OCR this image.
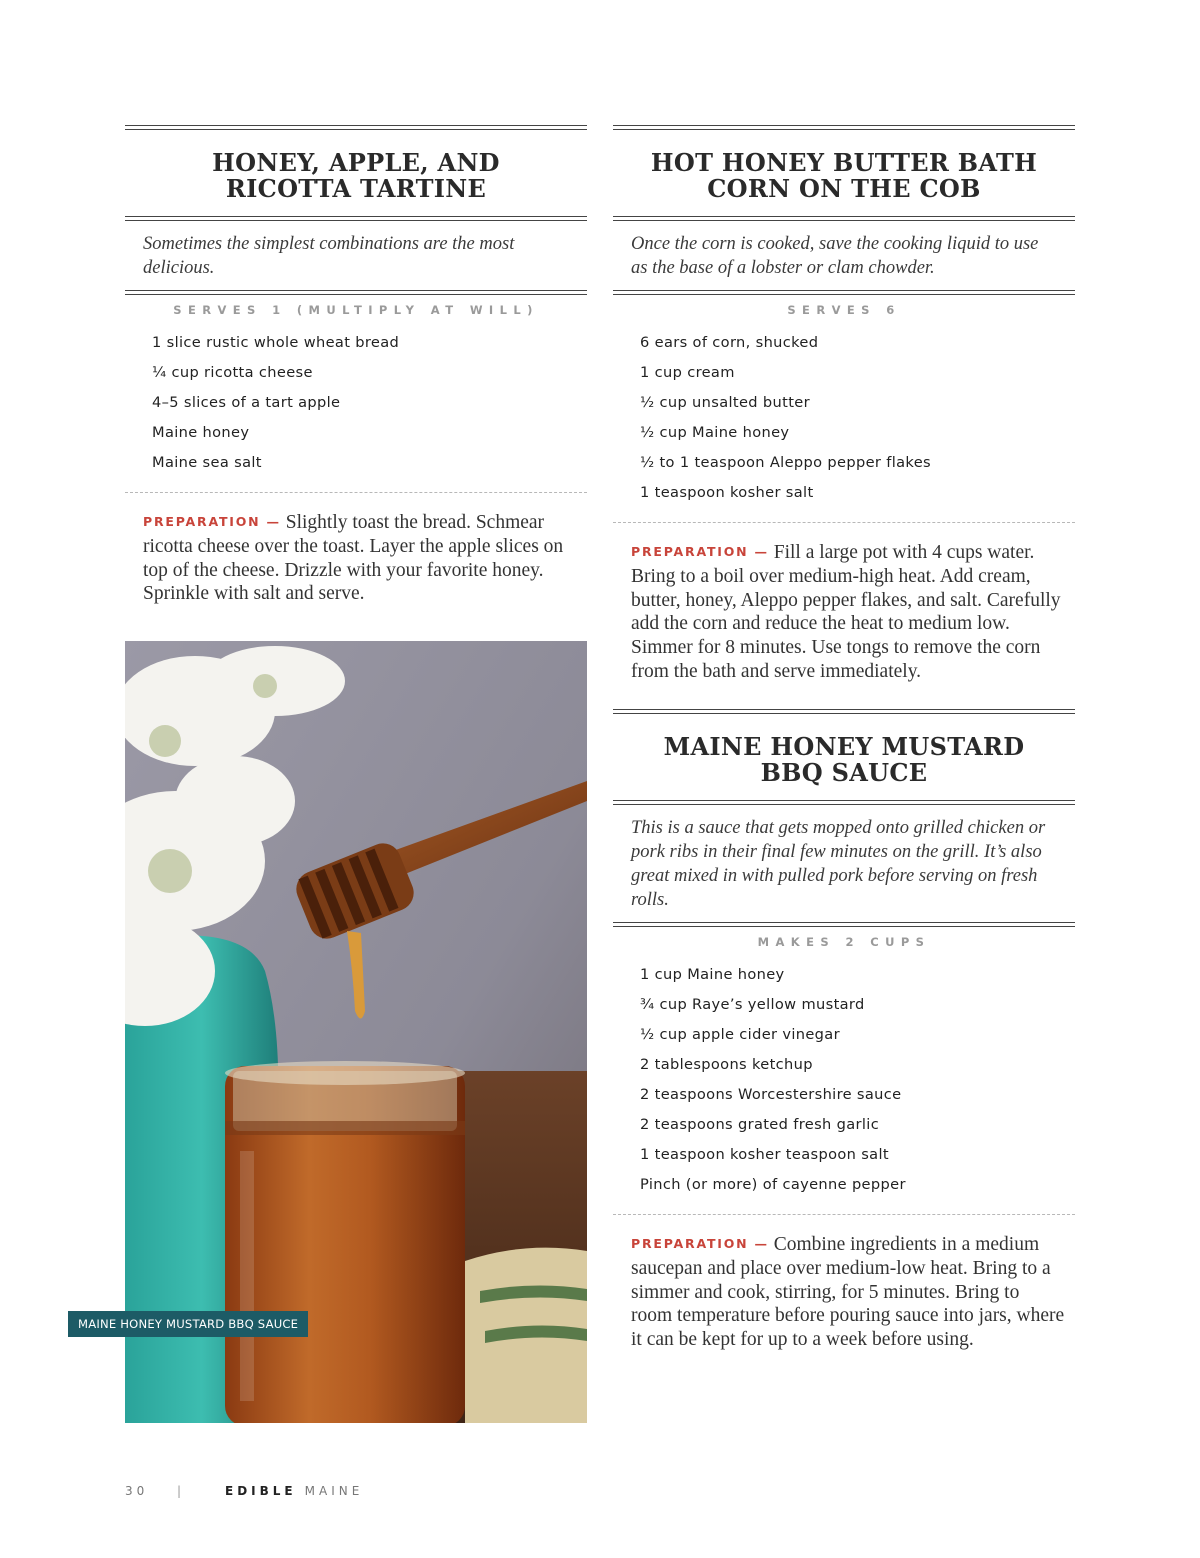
HONEY, APPLE, AND
RICOTTA TARTINE

Sometimes the simplest combinations are the most delicious.

SERVES 1 (MULTIPLY AT WILL)
1 slice rustic whole wheat bread
¼ cup ricotta cheese
4–5 slices of a tart apple
Maine honey
Maine sea salt

PREPARATION — Slightly toast the bread. Schmear ricotta cheese over the toast. Layer the apple slices on top of the cheese. Drizzle with your favorite honey. Sprinkle with salt and serve.

MAINE HONEY MUSTARD BBQ SAUCE
HOT HONEY BUTTER BATH
CORN ON THE COB

Once the corn is cooked, save the cooking liquid to use as the base of a lobster or clam chowder.

SERVES 6
6 ears of corn, shucked
1 cup cream
½ cup unsalted butter
½ cup Maine honey
½ to 1 teaspoon Aleppo pepper flakes
1 teaspoon kosher salt

PREPARATION — Fill a large pot with 4 cups water. Bring to a boil over medium-high heat. Add cream, butter, honey, Aleppo pepper flakes, and salt. Carefully add the corn and reduce the heat to medium low. Simmer for 8 minutes. Use tongs to remove the corn from the bath and serve immediately.

MAINE HONEY MUSTARD
BBQ SAUCE

This is a sauce that gets mopped onto grilled chicken or pork ribs in their final few minutes on the grill. It’s also great mixed in with pulled pork before serving on fresh rolls.

MAKES 2 CUPS
1 cup Maine honey
¾ cup Raye’s yellow mustard
½ cup apple cider vinegar
2 tablespoons ketchup
2 teaspoons Worcestershire sauce
2 teaspoons grated fresh garlic
1 teaspoon kosher teaspoon salt
Pinch (or more) of cayenne pepper

PREPARATION — Combine ingredients in a medium saucepan and place over medium-low heat. Bring to a simmer and cook, stirring, for 5 minutes. Bring to room temperature before pouring sauce into jars, where it can be kept for up to a week before using.

30	|	EDIBLE MAINE
